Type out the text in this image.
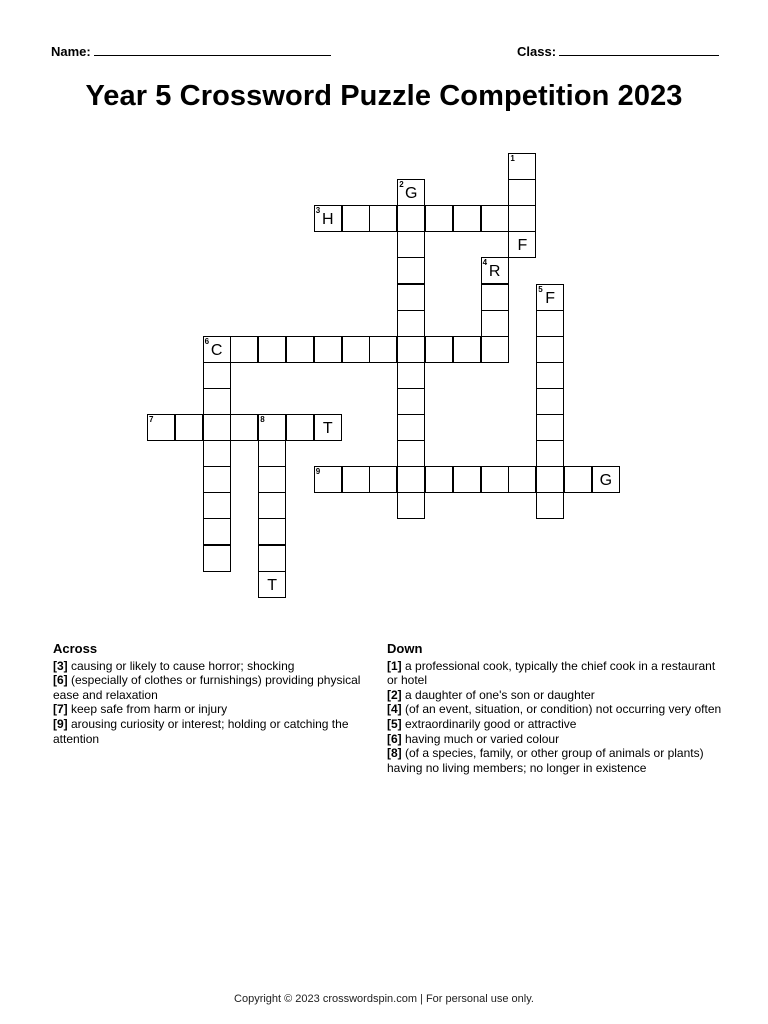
Name:	Class:
Year 5 Crossword Puzzle Competition 2023
1
2
G
3
H
F
4
R
5
F
6
C
7	8
T
9
G
T
Across

[3] causing or likely to cause horror; shocking

[6] (especially of clothes or furnishings) providing physical ease and relaxation

[7] keep safe from harm or injury

[9] arousing curiosity or interest; holding or catching the attention

Down

[1] a professional cook, typically the chief cook in a restaurant or hotel

[2] a daughter of one's son or daughter

[4] (of an event, situation, or condition) not occurring very often

[5] extraordinarily good or attractive

[6] having much or varied colour

[8] (of a species, family, or other group of animals or plants) having no living members; no longer in existence

Copyright © 2023 crosswordspin.com | For personal use only.
